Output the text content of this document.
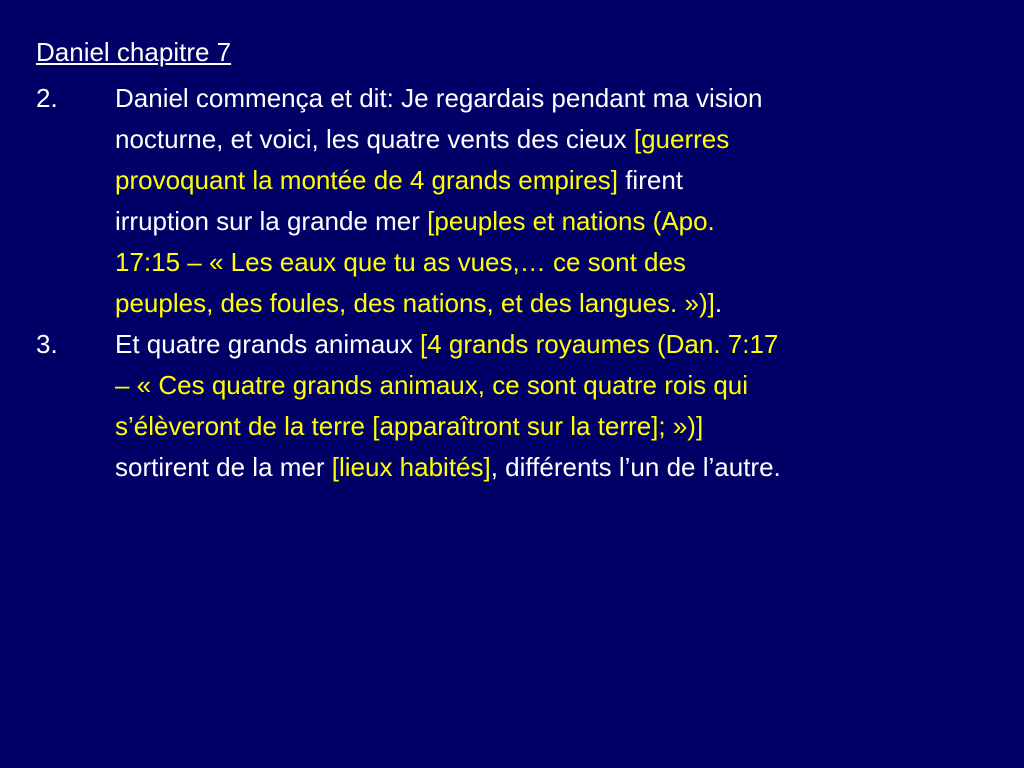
Daniel chapitre 7
2. Daniel commença et dit: Je regardais pendant ma vision
nocturne, et voici, les quatre vents des cieux [guerres
provoquant la montée de 4 grands empires] firent
irruption sur la grande mer [peuples et nations (Apo.
17:15 – « Les eaux que tu as vues,… ce sont des
peuples, des foules, des nations, et des langues. »)].
3. Et quatre grands animaux [4 grands royaumes (Dan. 7:17
– « Ces quatre grands animaux, ce sont quatre rois qui
s’élèveront de la terre [apparaîtront sur la terre]; »)]
sortirent de la mer [lieux habités], différents l’un de l’autre.
